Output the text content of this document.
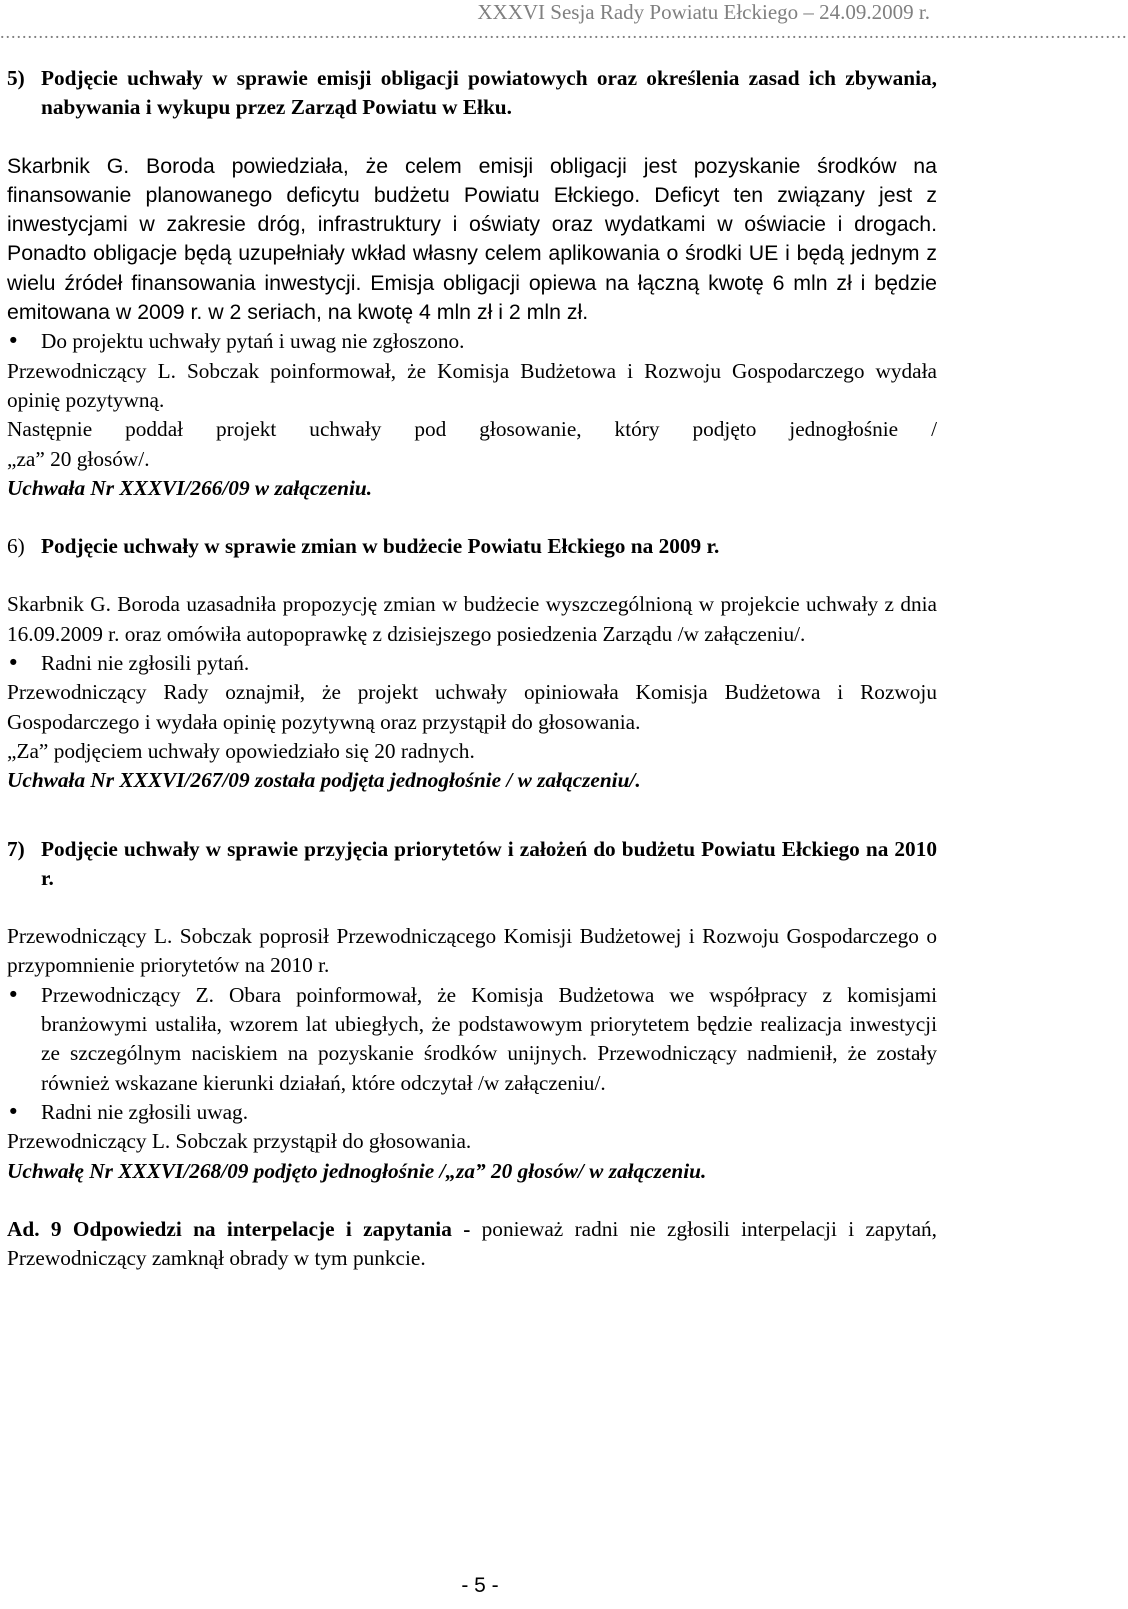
XXXVI Sesja Rady Powiatu Ełckiego – 24.09.2009 r.
.............................................................................................................................................................................................................
5) Podjęcie uchwały w sprawie emisji obligacji powiatowych oraz określenia zasad ich zbywania, nabywania i wykupu przez Zarząd Powiatu w Ełku.

Skarbnik G. Boroda powiedziała, że celem emisji obligacji jest pozyskanie środków na finansowanie planowanego deficytu budżetu Powiatu Ełckiego. Deficyt ten związany jest z inwestycjami w zakresie dróg, infrastruktury i oświaty oraz wydatkami w oświacie i drogach. Ponadto obligacje będą uzupełniały wkład własny celem aplikowania o środki UE i będą jednym z wielu źródeł finansowania inwestycji. Emisja obligacji opiewa na łączną kwotę 6 mln zł i będzie emitowana w 2009 r. w 2 seriach, na kwotę 4 mln zł i 2 mln zł.

•	Do projektu uchwały pytań i uwag nie zgłoszono.

Przewodniczący L. Sobczak poinformował, że Komisja Budżetowa i Rozwoju Gospodarczego wydała opinię pozytywną.

Następnie poddał projekt uchwały pod głosowanie, który podjęto jednogłośnie /

„za” 20 głosów/.

Uchwała Nr XXXVI/266/09 w załączeniu.

6) Podjęcie uchwały w sprawie zmian w budżecie Powiatu Ełckiego na 2009 r.

Skarbnik G. Boroda uzasadniła propozycję zmian w budżecie wyszczególnioną w projekcie uchwały z dnia 16.09.2009 r. oraz omówiła autopoprawkę z dzisiejszego posiedzenia Zarządu /w załączeniu/.

•	Radni nie zgłosili pytań.

Przewodniczący Rady oznajmił, że projekt uchwały opiniowała Komisja Budżetowa i Rozwoju Gospodarczego i wydała opinię pozytywną oraz przystąpił do głosowania.

„Za” podjęciem uchwały opowiedziało się 20 radnych.

Uchwała Nr XXXVI/267/09 została podjęta jednogłośnie / w załączeniu/.

7) Podjęcie uchwały w sprawie przyjęcia priorytetów i założeń do budżetu Powiatu Ełckiego na 2010 r.

Przewodniczący L. Sobczak poprosił Przewodniczącego Komisji Budżetowej i Rozwoju Gospodarczego o przypomnienie priorytetów na 2010 r.

•	Przewodniczący Z. Obara poinformował, że Komisja Budżetowa we współpracy z komisjami branżowymi ustaliła, wzorem lat ubiegłych, że podstawowym priorytetem będzie realizacja inwestycji ze szczególnym naciskiem na pozyskanie środków unijnych. Przewodniczący nadmienił, że zostały również wskazane kierunki działań, które odczytał /w załączeniu/.
•	Radni nie zgłosili uwag.

Przewodniczący L. Sobczak przystąpił do głosowania.

Uchwałę Nr XXXVI/268/09 podjęto jednogłośnie /„za” 20 głosów/ w załączeniu.

Ad. 9 Odpowiedzi na interpelacje i zapytania - ponieważ radni nie zgłosili interpelacji i zapytań, Przewodniczący zamknął obrady w tym punkcie.

- 5 -
